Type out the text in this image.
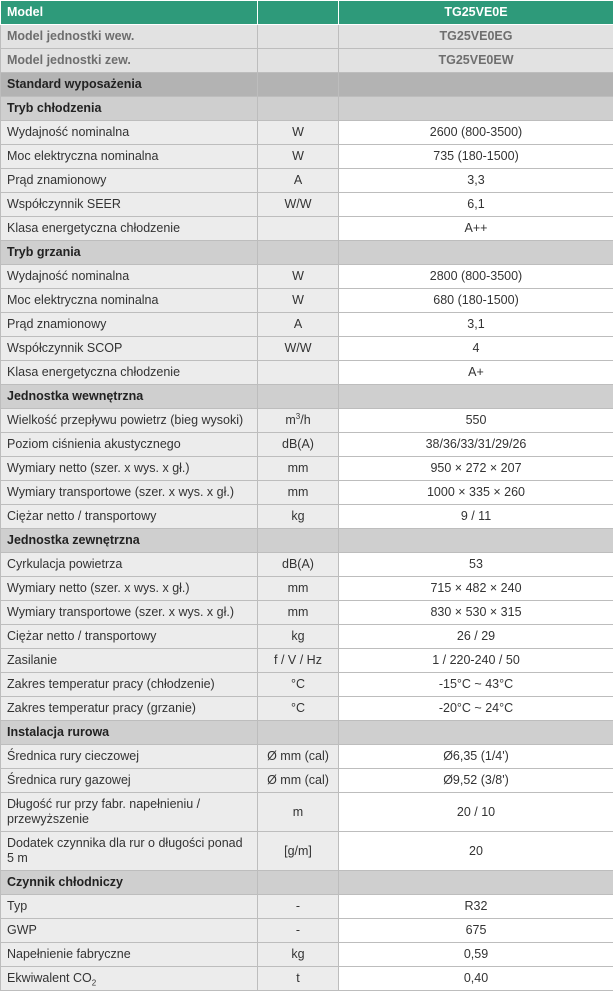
Model		TG25VE0E
Model jednostki wew.		TG25VE0EG
Model jednostki zew.		TG25VE0EW
Standard wyposażenia		
Tryb chłodzenia		
Wydajność nominalna	W	2600 (800-3500)
Moc elektryczna nominalna	W	735 (180-1500)
Prąd znamionowy	A	3,3
Współczynnik SEER	W/W	6,1
Klasa energetyczna chłodzenie		A++
Tryb grzania		
Wydajność nominalna	W	2800 (800-3500)
Moc elektryczna nominalna	W	680 (180-1500)
Prąd znamionowy	A	3,1
Współczynnik SCOP	W/W	4
Klasa energetyczna chłodzenie		A+
Jednostka wewnętrzna		
Wielkość przepływu powietrz (bieg wysoki)	$m^3/h$	550
Poziom ciśnienia akustycznego	dB(A)	38/36/33/31/29/26
Wymiary netto (szer. x wys. x gł.)	mm	950 × 272 × 207
Wymiary transportowe (szer. x wys. x gł.)	mm	1000 × 335 × 260
Ciężar netto / transportowy	kg	9 / 11
Jednostka zewnętrzna		
Cyrkulacja powietrza	dB(A)	53
Wymiary netto (szer. x wys. x gł.)	mm	715 × 482 × 240
Wymiary transportowe (szer. x wys. x gł.)	mm	830 × 530 × 315
Ciężar netto / transportowy	kg	26 / 29
Zasilanie	f / V / Hz	1 / 220-240 / 50
Zakres temperatur pracy (chłodzenie)	°C	-15°C ~ 43°C
Zakres temperatur pracy (grzanie)	°C	-20°C ~ 24°C
Instalacja rurowa		
Średnica rury cieczowej	Ø mm (cal)	Ø6,35 (1/4')
Średnica rury gazowej	Ø mm (cal)	Ø9,52 (3/8')
Długość rur przy fabr. napełnieniu / przewyższenie	m	20 / 10
Dodatek czynnika dla rur o długości ponad 5 m	[g/m]	20
Czynnik chłodniczy		
Typ	-	R32
GWP	-	675
Napełnienie fabryczne	kg	0,59
Ekwiwalent $CO_2$	t	0,40
